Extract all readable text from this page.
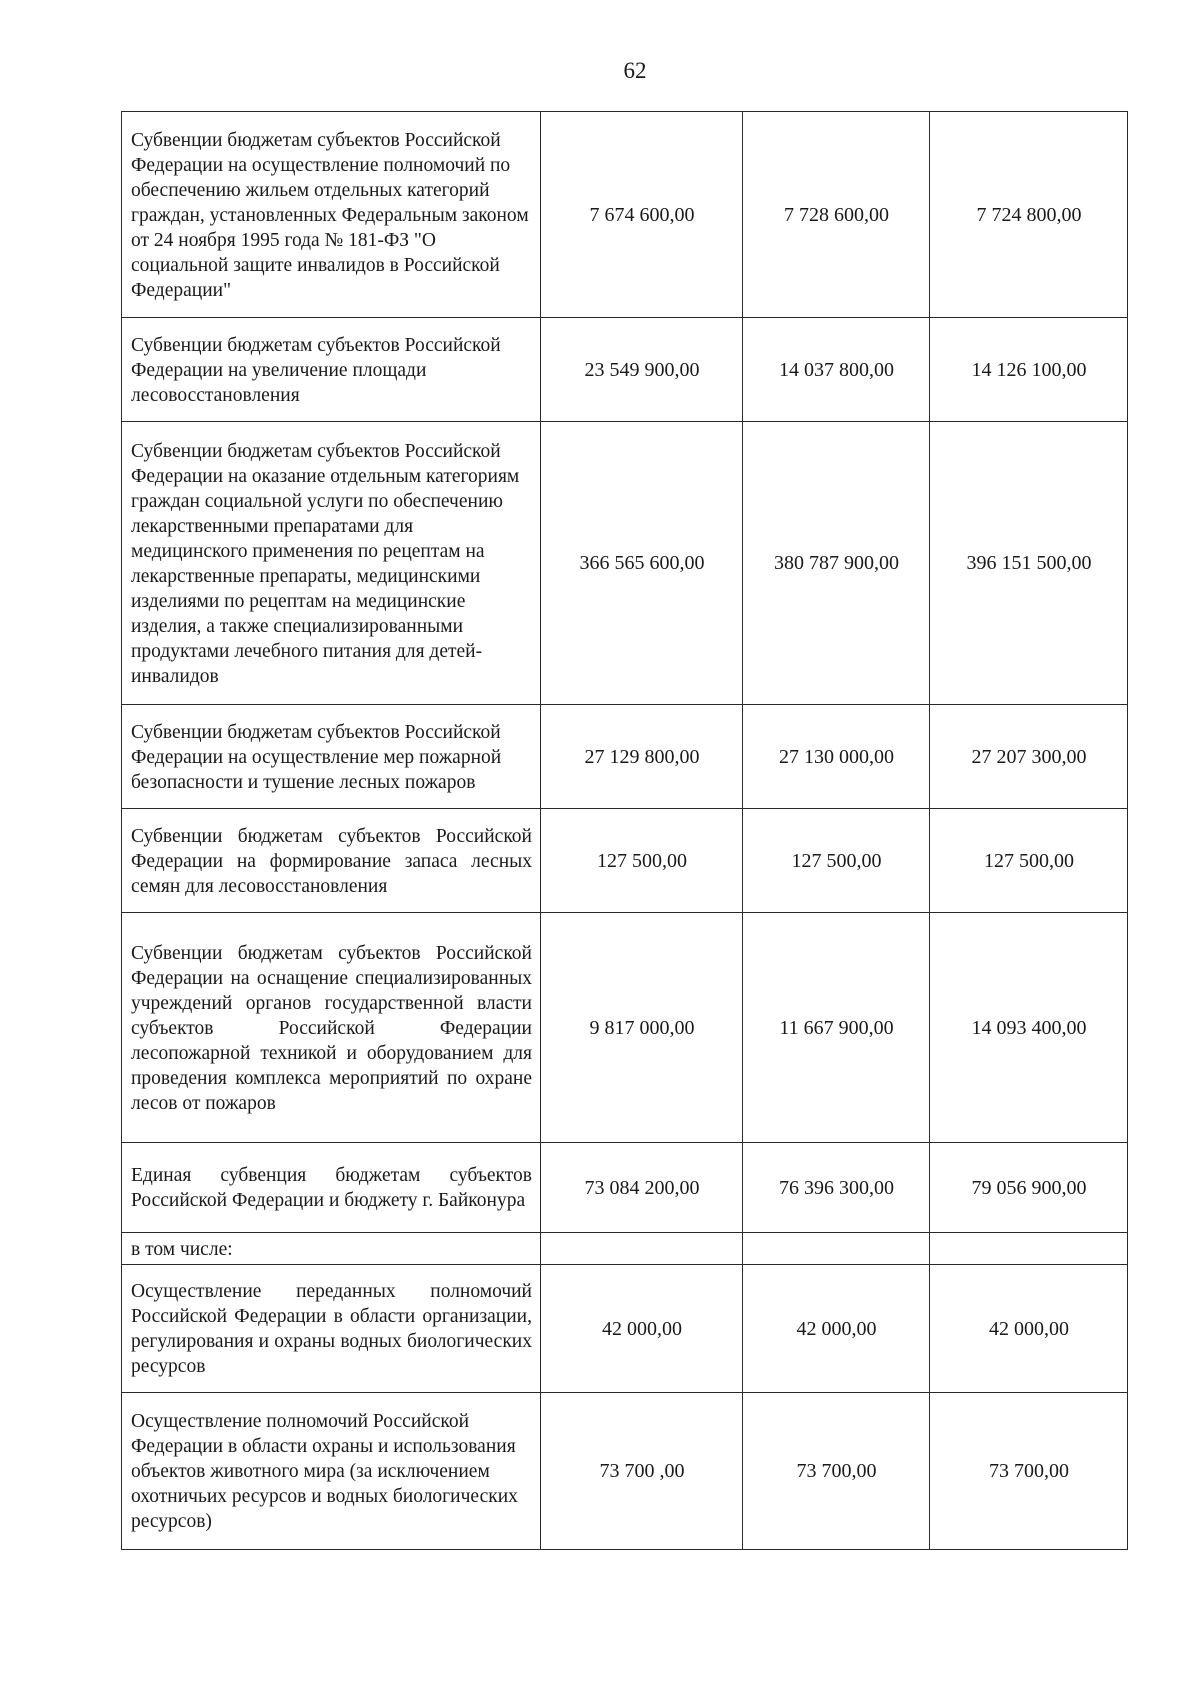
62
Субвенции бюджетам субъектов Российской Федерации на осуществление полномочий по обеспечению жильем отдельных категорий граждан, установленных Федеральным законом от 24 ноября 1995 года № 181-ФЗ "О социальной защите инвалидов в Российской Федерации"	7 674 600,00	7 728 600,00	7 724 800,00
Субвенции бюджетам субъектов Российской Федерации на увеличение площади лесовосстановления	23 549 900,00	14 037 800,00	14 126 100,00
Субвенции бюджетам субъектов Российской Федерации на оказание отдельным категориям граждан социальной услуги по обеспечению лекарственными препаратами для медицинского применения по рецептам на лекарственные препараты, медицинскими изделиями по рецептам на медицинские изделия, а также специализированными продуктами лечебного питания для детей-инвалидов	366 565 600,00	380 787 900,00	396 151 500,00
Субвенции бюджетам субъектов Российской Федерации на осуществление мер пожарной безопасности и тушение лесных пожаров	27 129 800,00	27 130 000,00	27 207 300,00
Субвенции бюджетам субъектов Российской Федерации на формирование запаса лесных семян для лесовосстановления	127 500,00	127 500,00	127 500,00
Субвенции бюджетам субъектов Российской Федерации на оснащение специализированных учреждений органов государственной власти субъектов Российской Федерации лесопожарной техникой и оборудованием для проведения комплекса мероприятий по охране лесов от пожаров	9 817 000,00	11 667 900,00	14 093 400,00
Единая субвенция бюджетам субъектов Российской Федерации и бюджету г. Байконура	73 084 200,00	76 396 300,00	79 056 900,00
в том числе:			
Осуществление переданных полномочий Российской Федерации в области организации, регулирования и охраны водных биологических ресурсов	42 000,00	42 000,00	42 000,00
Осуществление полномочий Российской Федерации в области охраны и использования объектов животного мира (за исключением охотничьих ресурсов и водных биологических ресурсов)	73 700 ,00	73 700,00	73 700,00
